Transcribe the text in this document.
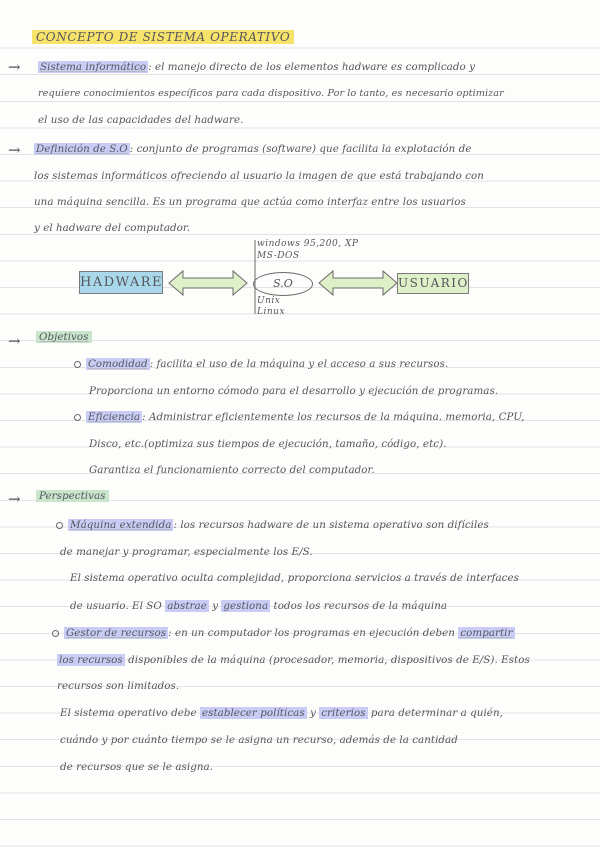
CONCEPTO DE SISTEMA OPERATIVO
→ Sistema informático : el manejo directo de los elementos hadware es complicado y
requiere conocimientos específicos para cada dispositivo. Por lo tanto, es necesario optimizar
el uso de las capacidades del hadware.
→ Definición de S.O : conjunto de programas (software) que facilita la explotación de
los sistemas informáticos ofreciendo al usuario la imagen de que está trabajando con
una máquina sencilla. Es un programa que actúa como interfaz entre los usuarios
y el hadware del computador.
windows 95,200, XP
MS-DOS
HADWARE	S.O	USUARIO
Unix
Linux
→ Objetivos
Comodidad : facilita el uso de la máquina y el acceso a sus recursos.
Proporciona un entorno cómodo para el desarrollo y ejecución de programas.
Eficiencia : Administrar eficientemente los recursos de la máquina. memoria, CPU,
Disco, etc.(optimiza sus tiempos de ejecución, tamaño, código, etc).
Garantiza el funcionamiento correcto del computador.
→ Perspectivas
Máquina extendida : los recursos hadware de un sistema operativo son difíciles
de manejar y programar, especialmente los E/S.
El sistema operativo oculta complejidad, proporciona servicios a través de interfaces
de usuario. El SO abstrae y gestiona todos los recursos de la máquina
Gestor de recursos : en un computador los programas en ejecución deben compartir
los recursos disponibles de la máquina (procesador, memoria, dispositivos de E/S). Estos
recursos son limitados.
El sistema operativo debe establecer políticas y criterios para determinar a quién,
cuándo y por cuánto tiempo se le asigna un recurso, además de la cantidad
de recursos que se le asigna.
